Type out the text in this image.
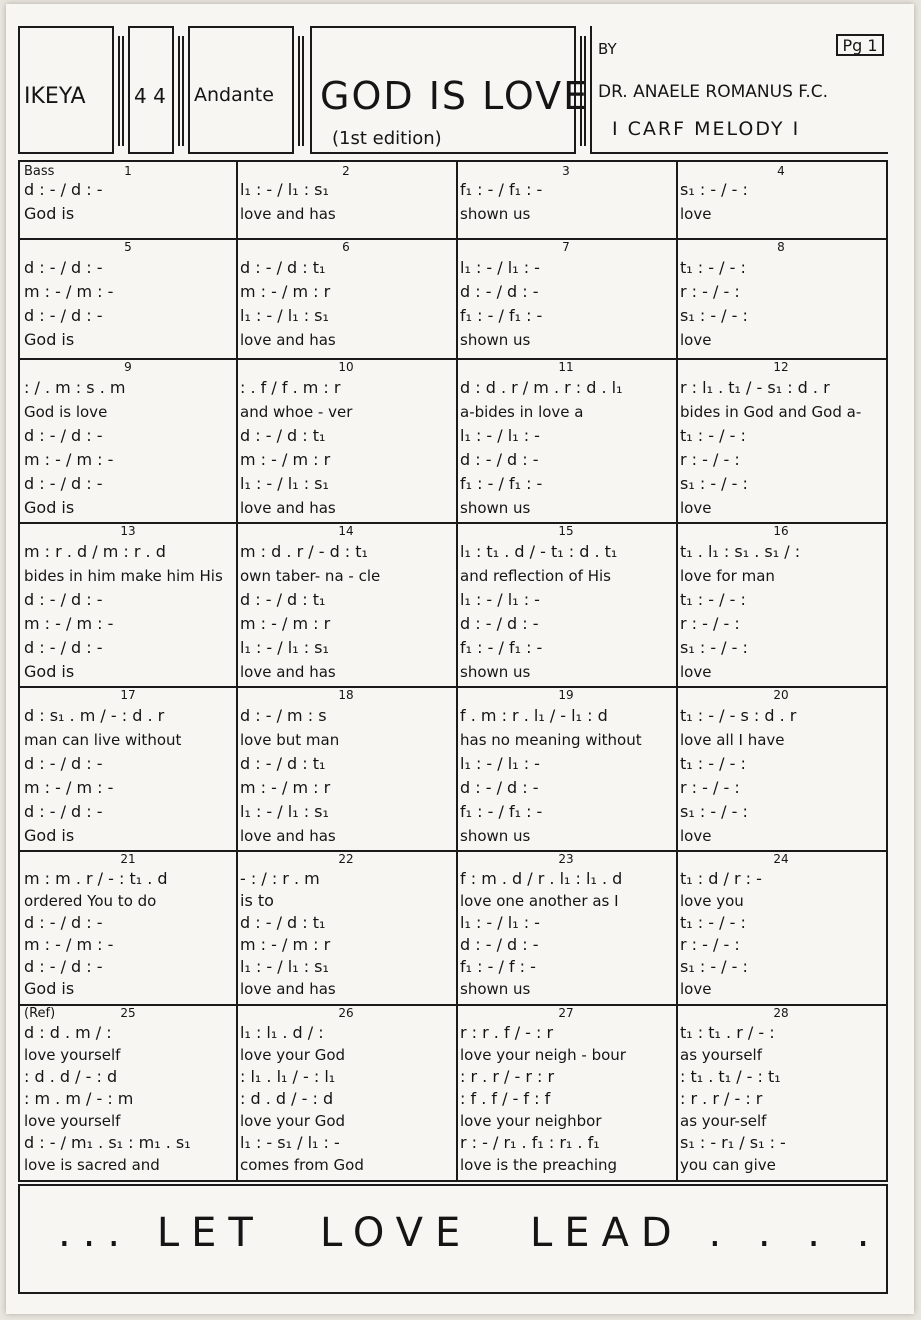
IKEYA 4 4 Andante GOD IS LOVE
(1st edition)
BY
DR. ANAELE ROMANUS F.C.
I CARF MELODY I
Pg 1
1
Bass
d : - / d : -
God is
2
l₁ : - / l₁ : s₁
love and has
3
f₁ : - / f₁ : -
shown us
4
s₁ : - / - :
love
5
d : - / d : -
m : - / m : -
d : - / d : -
God is
6
d : - / d : t₁
m : - / m : r
l₁ : - / l₁ : s₁
love and has
7
l₁ : - / l₁ : -
d : - / d : -
f₁ : - / f₁ : -
shown us
8
t₁ : - / - :
r : - / - :
s₁ : - / - :
love
9
: / . m : s . m
God is love
d : - / d : -
m : - / m : -
d : - / d : -
God is
10
: . f / f . m : r
and whoe - ver
d : - / d : t₁
m : - / m : r
l₁ : - / l₁ : s₁
love and has
11
d : d . r / m . r : d . l₁
a-bides in love a
l₁ : - / l₁ : -
d : - / d : -
f₁ : - / f₁ : -
shown us
12
r : l₁ . t₁ / - s₁ : d . r
bides in God and God a-
t₁ : - / - :
r : - / - :
s₁ : - / - :
love
13
m : r . d / m : r . d
bides in him make him His
d : - / d : -
m : - / m : -
d : - / d : -
God is
14
m : d . r / - d : t₁
own taber- na - cle
d : - / d : t₁
m : - / m : r
l₁ : - / l₁ : s₁
love and has
15
l₁ : t₁ . d / - t₁ : d . t₁
and reflection of His
l₁ : - / l₁ : -
d : - / d : -
f₁ : - / f₁ : -
shown us
16
t₁ . l₁ : s₁ . s₁ / :
love for man
t₁ : - / - :
r : - / - :
s₁ : - / - :
love
17
d : s₁ . m / - : d . r
man can live without
d : - / d : -
m : - / m : -
d : - / d : -
God is
18
d : - / m : s
love but man
d : - / d : t₁
m : - / m : r
l₁ : - / l₁ : s₁
love and has
19
f . m : r . l₁ / - l₁ : d
has no meaning without
l₁ : - / l₁ : -
d : - / d : -
f₁ : - / f₁ : -
shown us
20
t₁ : - / - s : d . r
love all I have
t₁ : - / - :
r : - / - :
s₁ : - / - :
love
21
m : m . r / - : t₁ . d
ordered You to do
d : - / d : -
m : - / m : -
d : - / d : -
God is
22
- : / : r . m
is to
d : - / d : t₁
m : - / m : r
l₁ : - / l₁ : s₁
love and has
23
f : m . d / r . l₁ : l₁ . d
love one another as I
l₁ : - / l₁ : -
d : - / d : -
f₁ : - / f : -
shown us
24
t₁ : d / r : -
love you
t₁ : - / - :
r : - / - :
s₁ : - / - :
love
25
(Ref)
d : d . m / :
love yourself
: d . d / - : d
: m . m / - : m
love yourself
d : - / m₁ . s₁ : m₁ . s₁
love is sacred and
26
l₁ : l₁ . d / :
love your God
: l₁ . l₁ / - : l₁
: d . d / - : d
love your God
l₁ : - s₁ / l₁ : -
comes from God
27
r : r . f / - : r
love your neigh - bour
: r . r / - r : r
: f . f / - f : f
love your neighbor
r : - / r₁ . f₁ : r₁ . f₁
love is the preaching
28
t₁ : t₁ . r / - :
as yourself
: t₁ . t₁ / - : t₁
: r . r / - : r
as your-self
s₁ : - r₁ / s₁ : -
you can give
... LET LOVE LEAD . . . .
